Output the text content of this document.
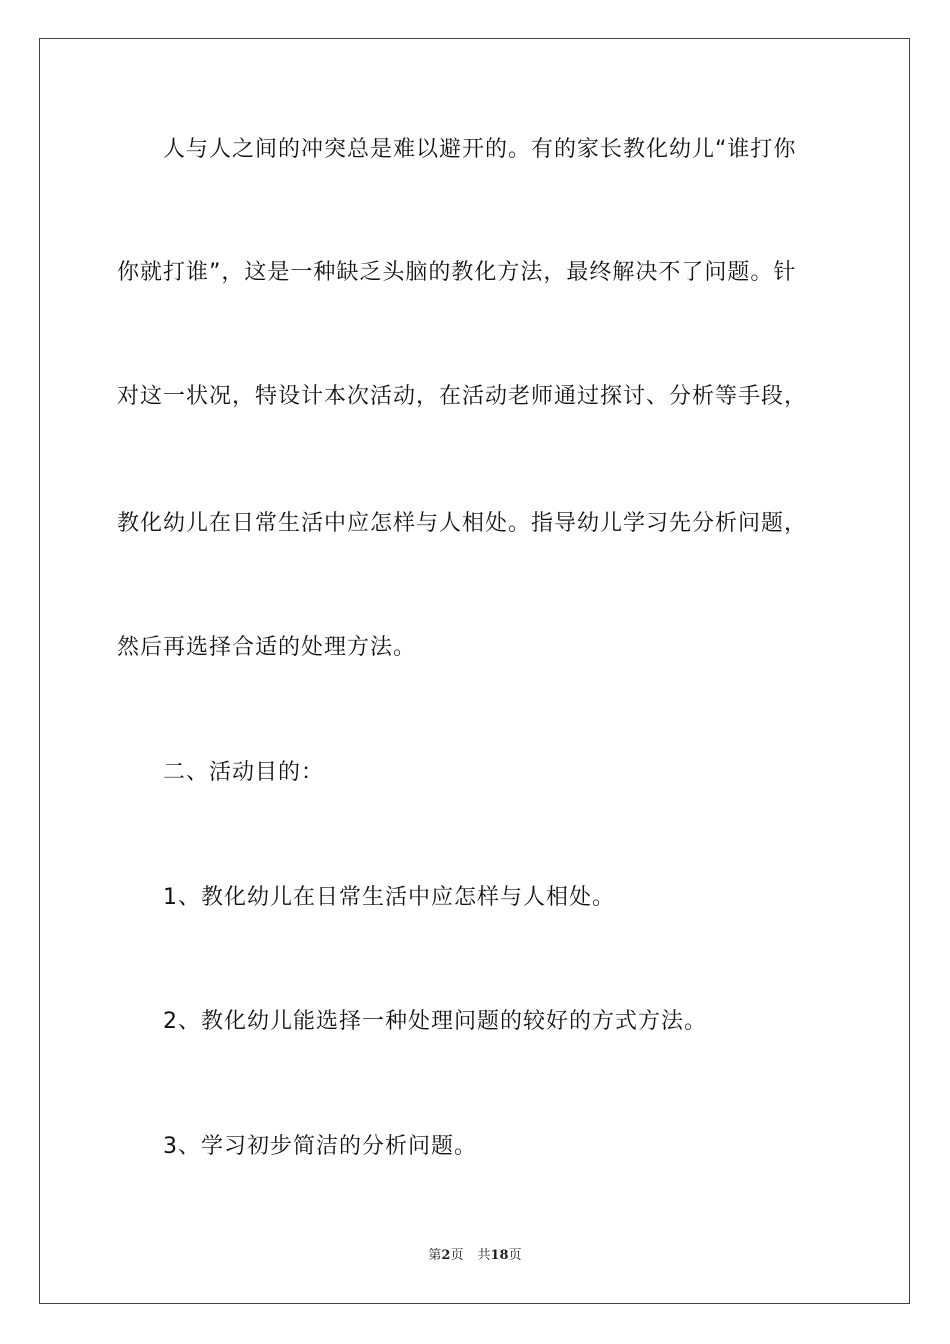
人与人之间的冲突总是难以避开的。有的家长教化幼儿“谁打你
你就打谁”，这是一种缺乏头脑的教化方法，最终解决不了问题。针
对这一状况，特设计本次活动，在活动老师通过探讨、分析等手段，
教化幼儿在日常生活中应怎样与人相处。指导幼儿学习先分析问题，
然后再选择合适的处理方法。
二、活动目的：
1、教化幼儿在日常生活中应怎样与人相处。
2、教化幼儿能选择一种处理问题的较好的方式方法。
3、学习初步简洁的分析问题。
第2页 共18页
